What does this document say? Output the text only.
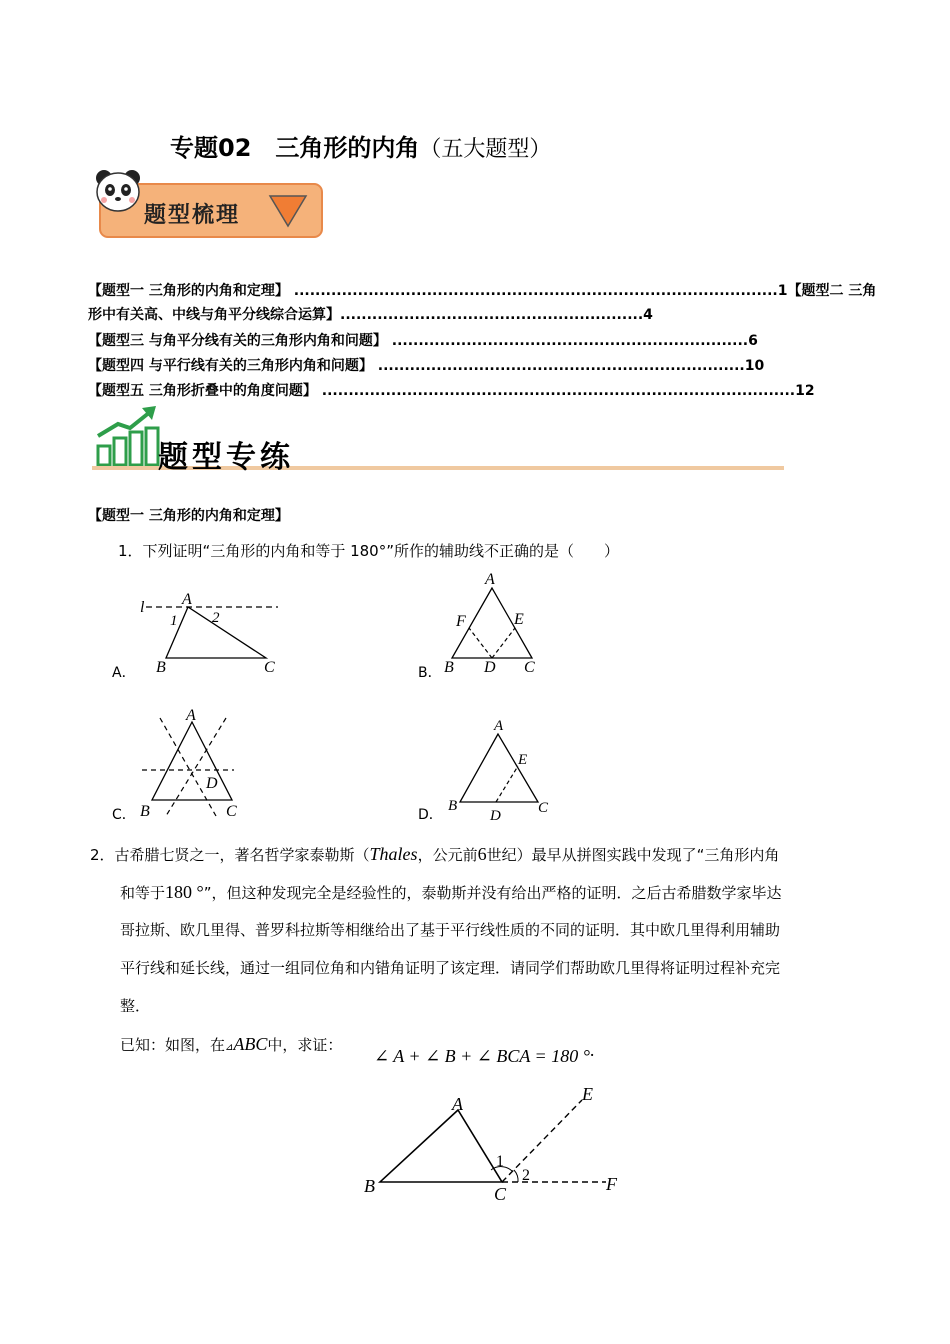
专题02　三角形的内角（五大题型）
题型梳理
【题型一 三角形的内角和定理】 ...........................................................................................1【题型二 三角
形中有关高、中线与角平分线综合运算】.........................................................4
【题型三 与角平分线有关的三角形内角和问题】 ...................................................................6
【题型四 与平行线有关的三角形内角和问题】 .....................................................................10
【题型五 三角形折叠中的角度问题】 .........................................................................................12
题型专练
【题型一 三角形的内角和定理】
1．下列证明“三角形的内角和等于 180°”所作的辅助线不正确的是（　　）
l A
1 2
B	C
A．
A
F	E
B D C
B．
A
D
B	C
C．
A
E
B
D C
D．
2．古希腊七贤之一，著名哲学家泰勒斯（Thales，公元前6世纪）最早从拼图实践中发现了“三角形内角
和等于180 °”，但这种发现完全是经验性的，泰勒斯并没有给出严格的证明．之后古希腊数学家毕达
哥拉斯、欧几里得、普罗科拉斯等相继给出了基于平行线性质的不同的证明．其中欧几里得利用辅助
平行线和延长线，通过一组同位角和内错角证明了该定理．请同学们帮助欧几里得将证明过程补充完
整．
已知：如图，在⊿ABC中，求证：
∠ A + ∠ B + ∠ BCA = 180 °.
A
B	C
E
F
1
2
